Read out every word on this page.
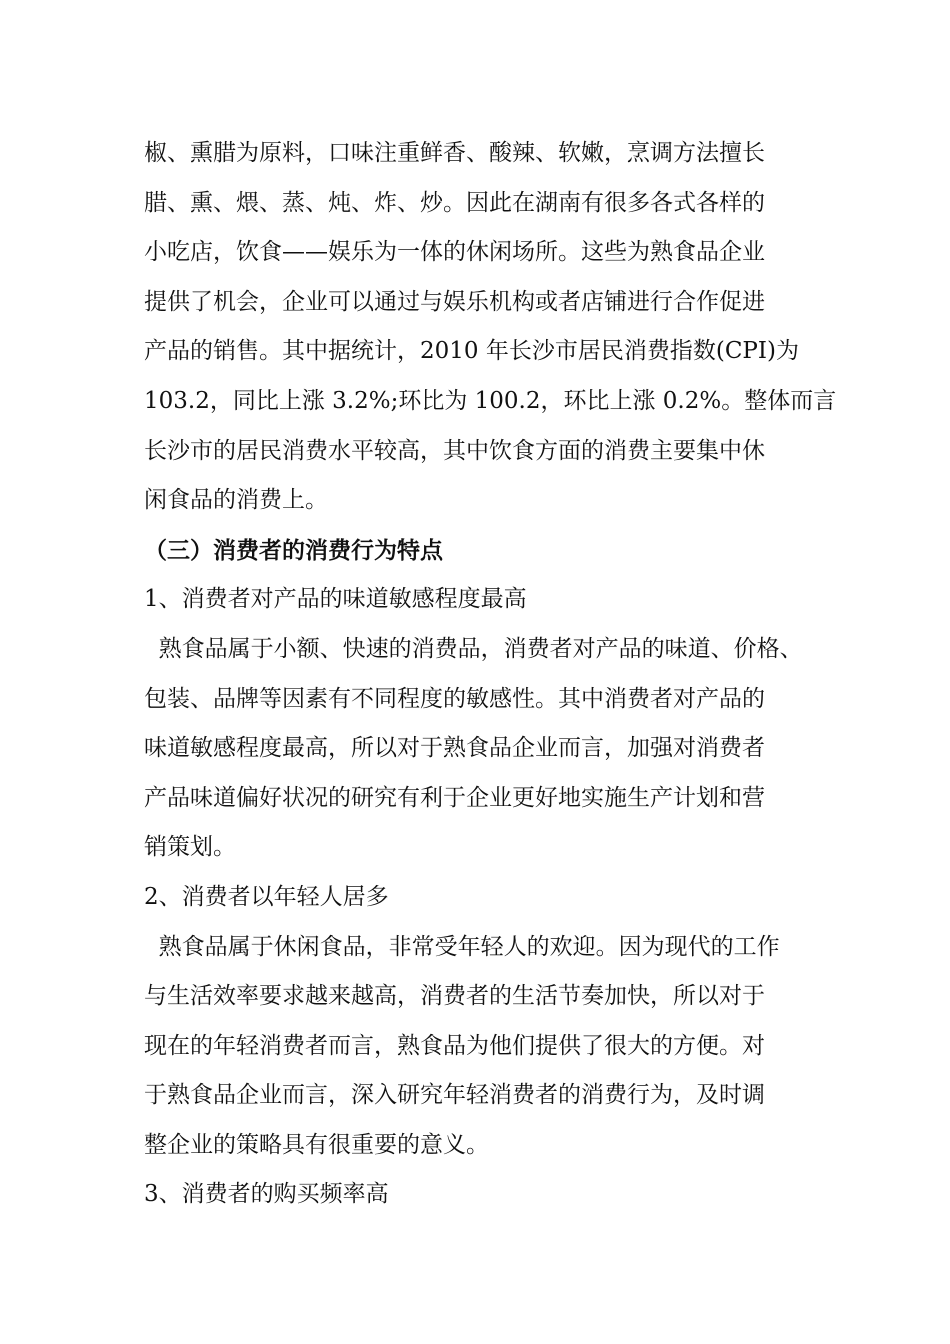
椒、熏腊为原料，口味注重鲜香、酸辣、软嫩，烹调方法擅长
腊、熏、煨、蒸、炖、炸、炒。因此在湖南有很多各式各样的
小吃店，饮食——娱乐为一体的休闲场所。这些为熟食品企业
提供了机会，企业可以通过与娱乐机构或者店铺进行合作促进
产品的销售。其中据统计，2010 年长沙市居民消费指数(CPI)为
103.2，同比上涨 3.2%;环比为 100.2，环比上涨 0.2%。整体而言
长沙市的居民消费水平较高，其中饮食方面的消费主要集中休
闲食品的消费上。
（三）消费者的消费行为特点
1、消费者对产品的味道敏感程度最高
熟食品属于小额、快速的消费品，消费者对产品的味道、价格、
包装、品牌等因素有不同程度的敏感性。其中消费者对产品的
味道敏感程度最高，所以对于熟食品企业而言，加强对消费者
产品味道偏好状况的研究有利于企业更好地实施生产计划和营
销策划。
2、消费者以年轻人居多
熟食品属于休闲食品，非常受年轻人的欢迎。因为现代的工作
与生活效率要求越来越高，消费者的生活节奏加快，所以对于
现在的年轻消费者而言，熟食品为他们提供了很大的方便。对
于熟食品企业而言，深入研究年轻消费者的消费行为，及时调
整企业的策略具有很重要的意义。
3、消费者的购买频率高
